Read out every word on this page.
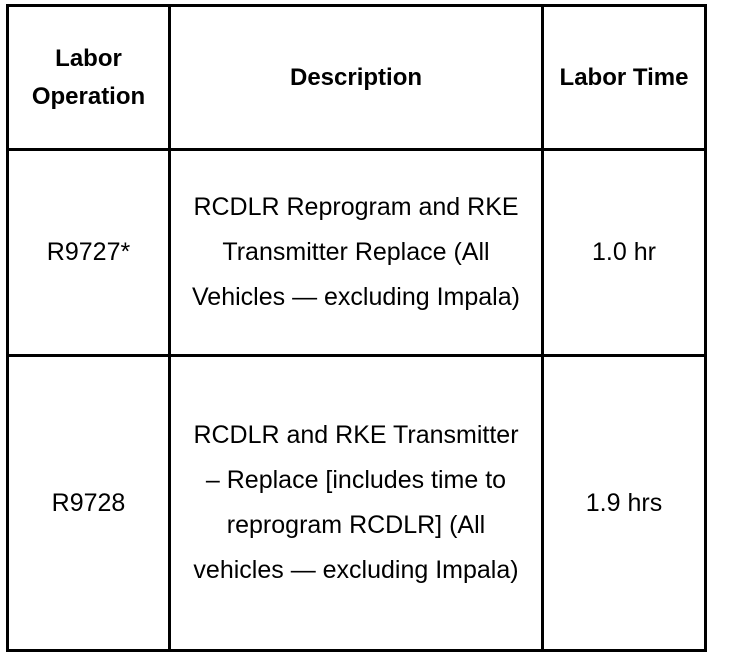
Labor Operation	Description	Labor Time
R9727*	RCDLR Reprogram and RKE Transmitter Replace (All Vehicles — excluding Impala)	1.0 hr
R9728	RCDLR and RKE Transmitter – Replace [includes time to reprogram RCDLR] (All vehicles — excluding Impala)	1.9 hrs
